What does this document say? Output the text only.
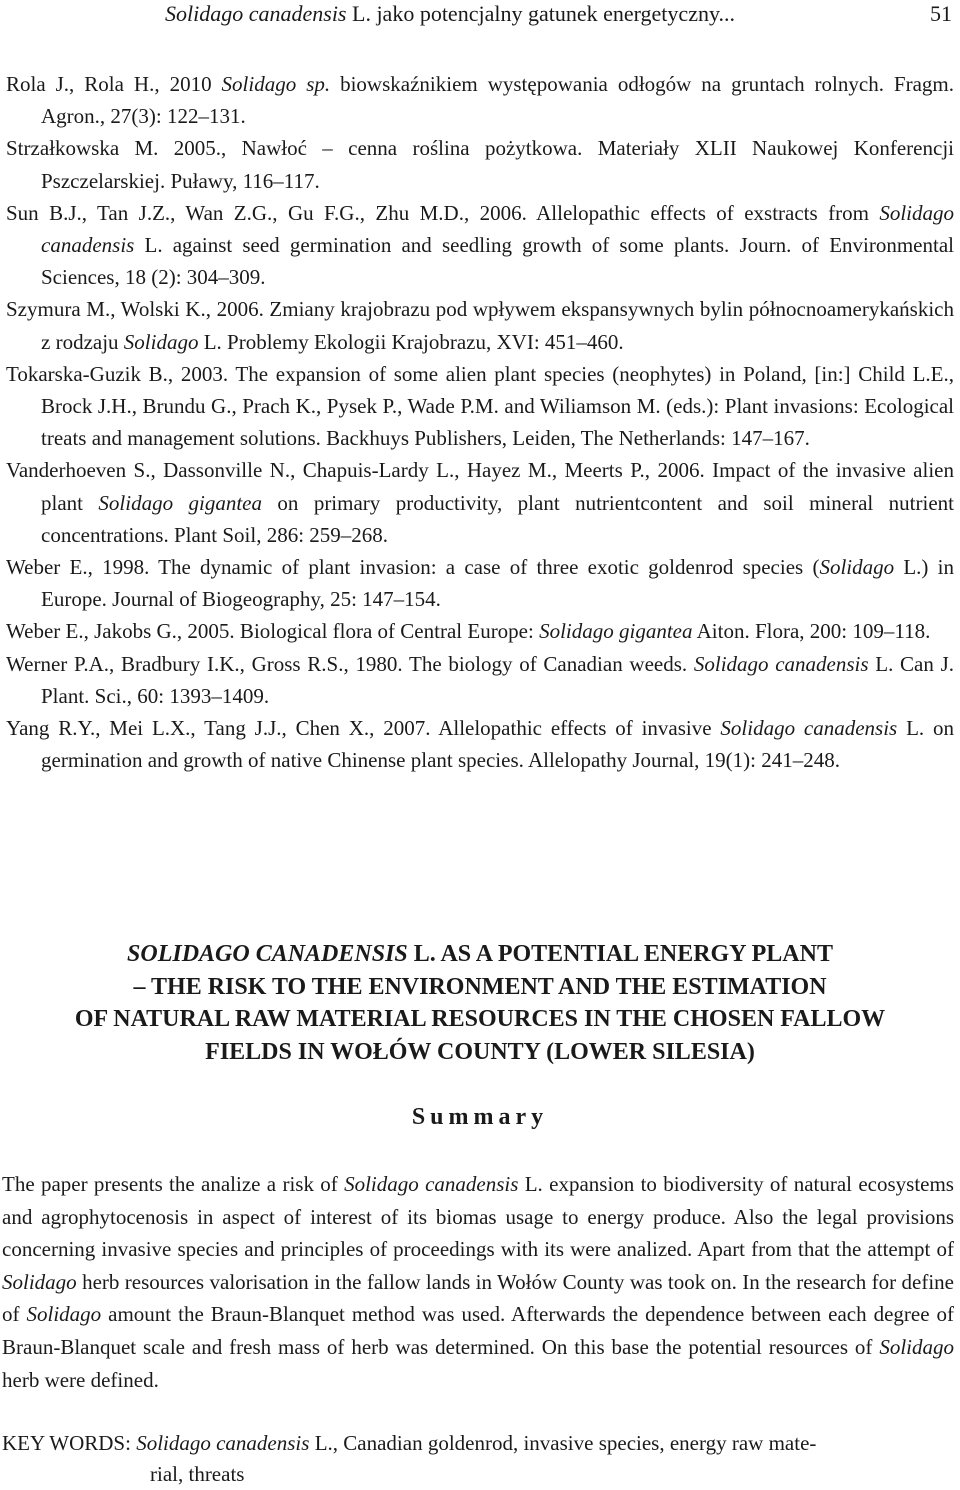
Solidago canadensis L. jako potencjalny gatunek energetyczny...	51

Rola J., Rola H., 2010 Solidago sp. biowskaźnikiem występowania odłogów na gruntach rolnych. Fragm. Agron., 27(3): 122–131.

Strzałkowska M. 2005., Nawłoć – cenna roślina pożytkowa. Materiały XLII Naukowej Konferencji Pszczelarskiej. Puławy, 116–117.

Sun B.J., Tan J.Z., Wan Z.G., Gu F.G., Zhu M.D., 2006. Allelopathic effects of exstracts from Solidago canadensis L. against seed germination and seedling growth of some plants. Journ. of Environmental Sciences, 18 (2): 304–309.

Szymura M., Wolski K., 2006. Zmiany krajobrazu pod wpływem ekspansywnych bylin północnoamerykańskich z rodzaju Solidago L. Problemy Ekologii Krajobrazu, XVI: 451–460.

Tokarska-Guzik B., 2003. The expansion of some alien plant species (neophytes) in Poland, [in:] Child L.E., Brock J.H., Brundu G., Prach K., Pysek P., Wade P.M. and Wiliamson M. (eds.): Plant invasions: Ecological treats and management solutions. Backhuys Publishers, Leiden, The Netherlands: 147–167.

Vanderhoeven S., Dassonville N., Chapuis-Lardy L., Hayez M., Meerts P., 2006. Impact of the invasive alien plant Solidago gigantea on primary productivity, plant nutrientcontent and soil mineral nutrient concentrations. Plant Soil, 286: 259–268.

Weber E., 1998. The dynamic of plant invasion: a case of three exotic goldenrod species (Solidago L.) in Europe. Journal of Biogeography, 25: 147–154.

Weber E., Jakobs G., 2005. Biological flora of Central Europe: Solidago gigantea Aiton. Flora, 200: 109–118.

Werner P.A., Bradbury I.K., Gross R.S., 1980. The biology of Canadian weeds. Solidago canadensis L. Can J. Plant. Sci., 60: 1393–1409.

Yang R.Y., Mei L.X., Tang J.J., Chen X., 2007. Allelopathic effects of invasive Solidago canadensis L. on germination and growth of native Chinense plant species. Allelopathy Journal, 19(1): 241–248.

SOLIDAGO CANADENSIS L. AS A POTENTIAL ENERGY PLANT

– THE RISK TO THE ENVIRONMENT AND THE ESTIMATION

OF NATURAL RAW MATERIAL RESOURCES IN THE CHOSEN FALLOW

FIELDS IN WOŁÓW COUNTY (LOWER SILESIA)

Summary

The paper presents the analize a risk of Solidago canadensis L. expansion to biodiversity of natural ecosystems and agrophytocenosis in aspect of interest of its biomas usage to energy produce. Also the legal provisions concerning invasive species and principles of proceedings with its were analized. Apart from that the attempt of Solidago herb resources valorisation in the fallow lands in Wołów County was took on. In the research for define of Solidago amount the Braun-Blanquet method was used. Afterwards the dependence between each degree of Braun-Blanquet scale and fresh mass of herb was determined. On this base the potential resources of Solidago herb were defined.

KEY WORDS: Solidago canadensis L., Canadian goldenrod, invasive species, energy raw mate-
rial, threats
